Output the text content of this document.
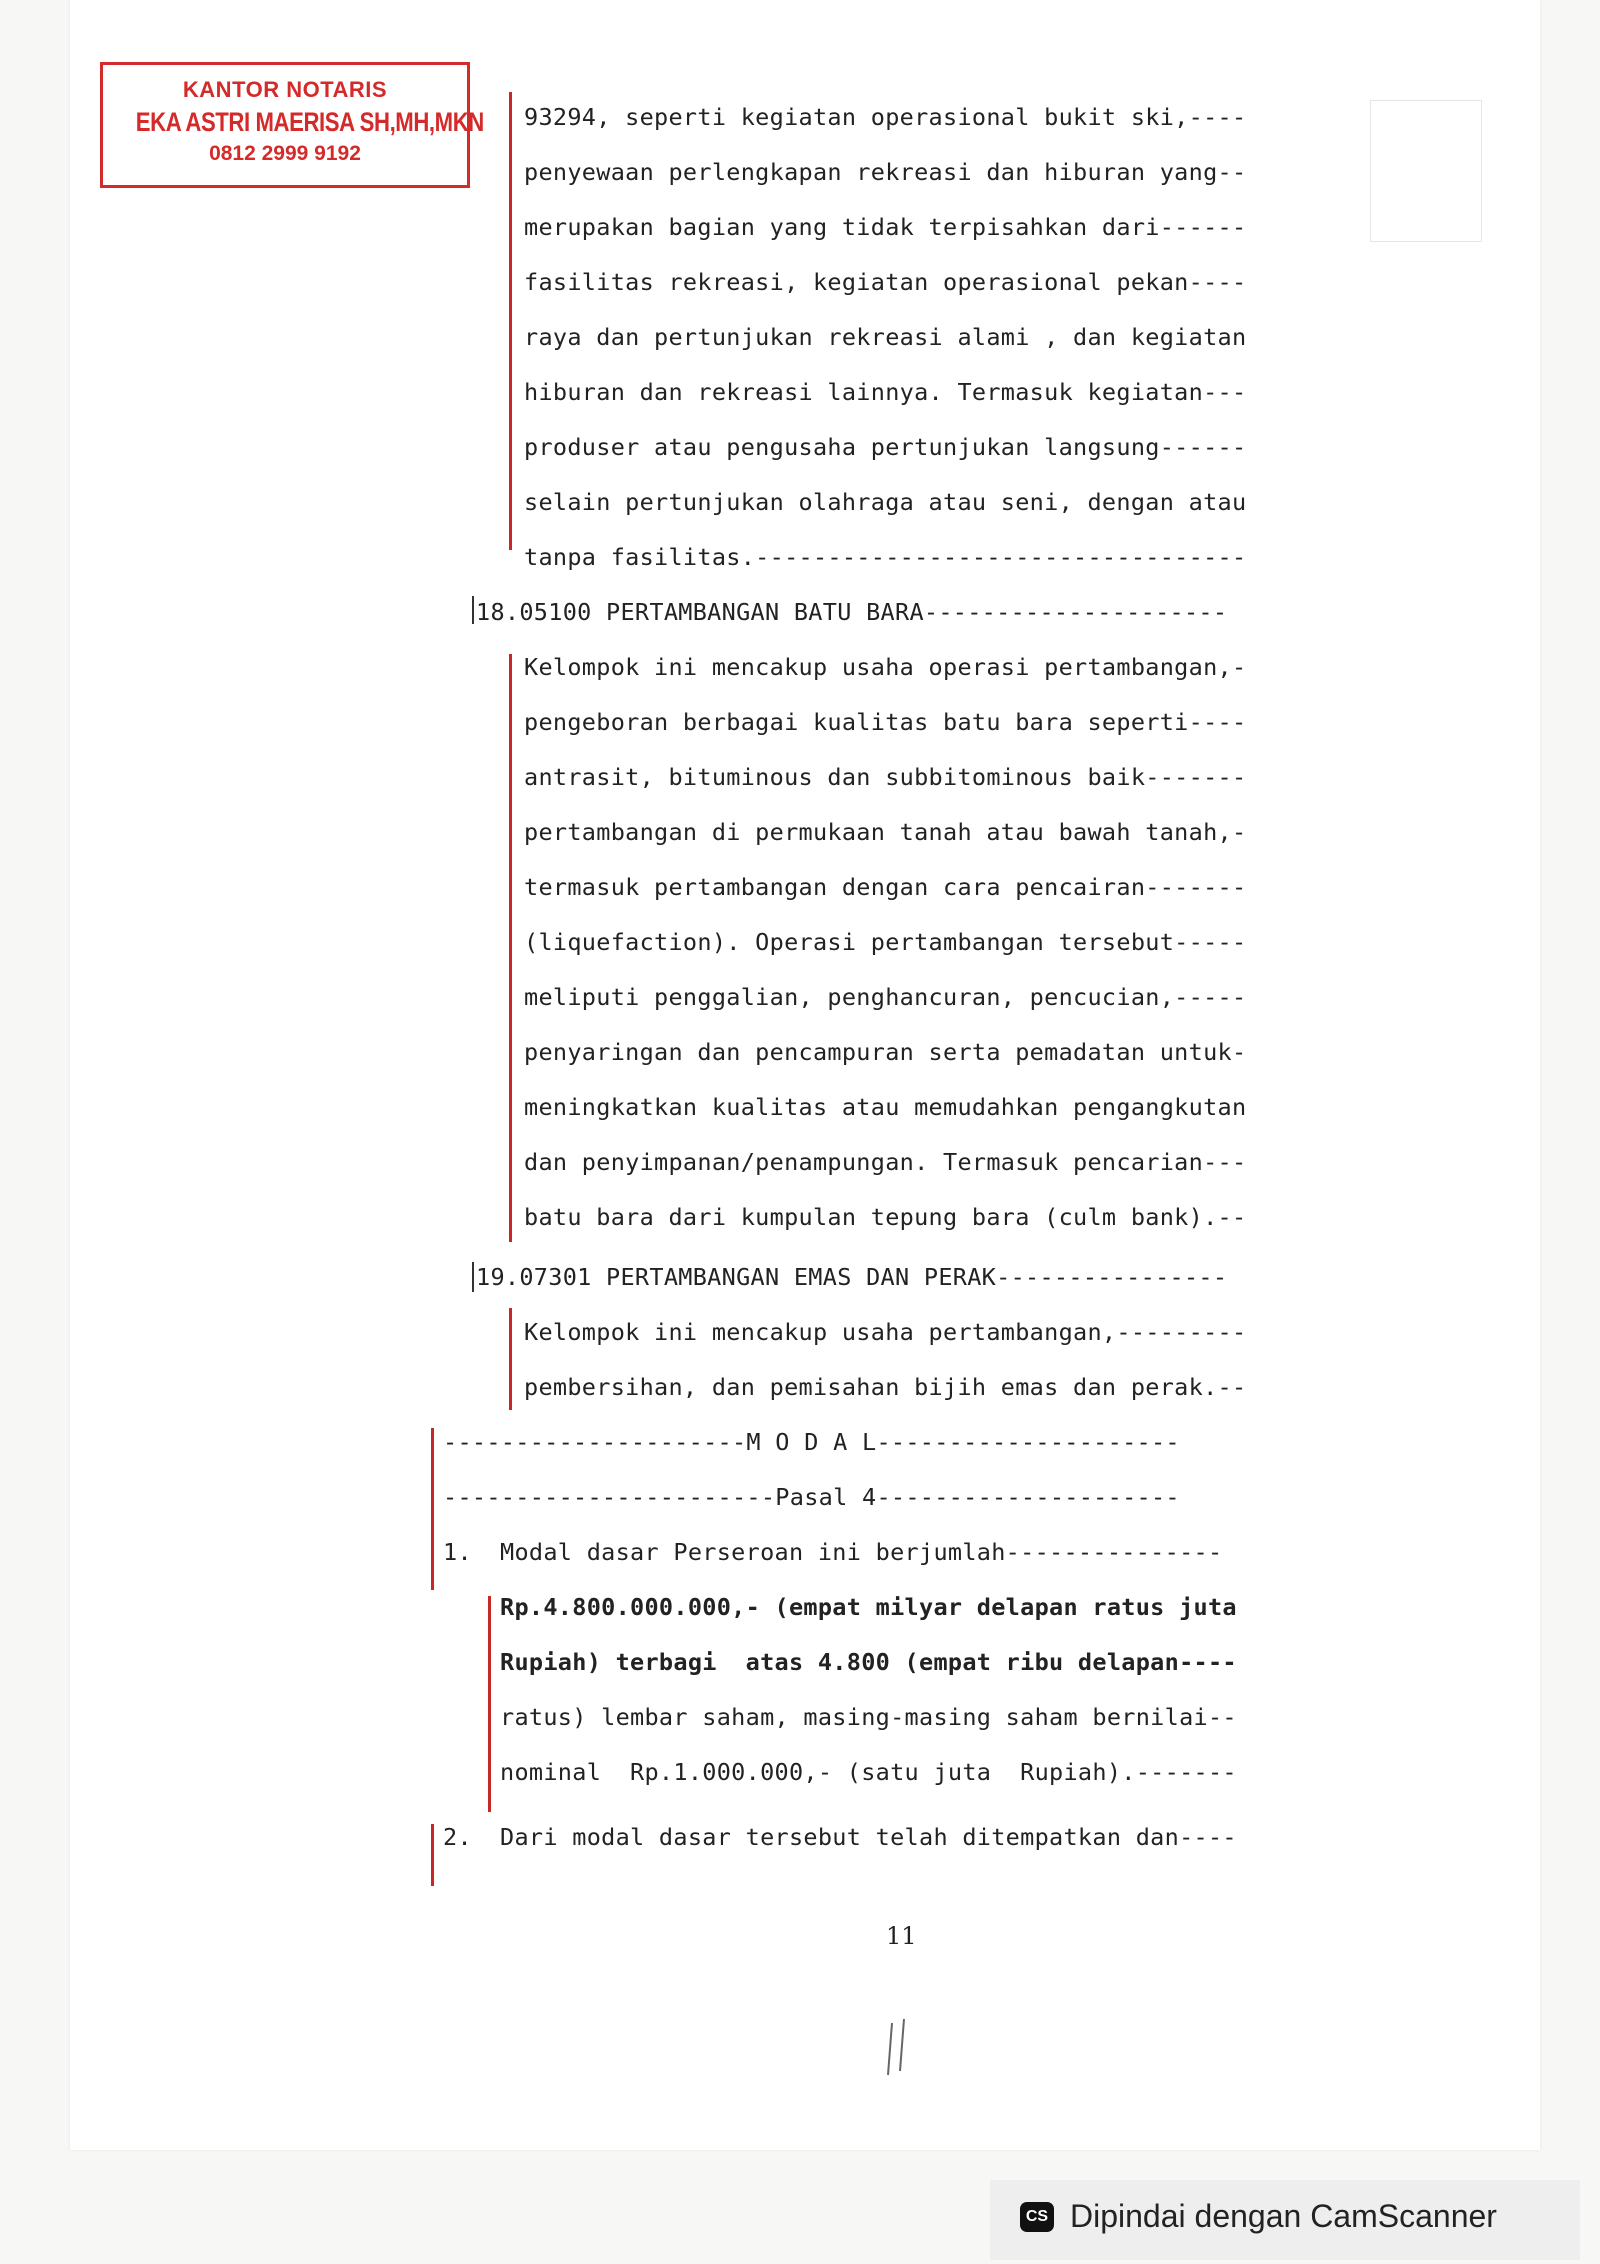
KANTOR NOTARIS
EKA ASTRI MAERISA SH,MH,MKN
0812 2999 9192
93294, seperti kegiatan operasional bukit ski,----
penyewaan perlengkapan rekreasi dan hiburan yang--
merupakan bagian yang tidak terpisahkan dari------
fasilitas rekreasi, kegiatan operasional pekan----
raya dan pertunjukan rekreasi alami , dan kegiatan
hiburan dan rekreasi lainnya. Termasuk kegiatan---
produser atau pengusaha pertunjukan langsung------
selain pertunjukan olahraga atau seni, dengan atau
tanpa fasilitas.----------------------------------
18.05100 PERTAMBANGAN BATU BARA---------------------
Kelompok ini mencakup usaha operasi pertambangan,-
pengeboran berbagai kualitas batu bara seperti----
antrasit, bituminous dan subbitominous baik-------
pertambangan di permukaan tanah atau bawah tanah,-
termasuk pertambangan dengan cara pencairan-------
(liquefaction). Operasi pertambangan tersebut-----
meliputi penggalian, penghancuran, pencucian,-----
penyaringan dan pencampuran serta pemadatan untuk-
meningkatkan kualitas atau memudahkan pengangkutan
dan penyimpanan/penampungan. Termasuk pencarian---
batu bara dari kumpulan tepung bara (culm bank).--
19.07301 PERTAMBANGAN EMAS DAN PERAK----------------
Kelompok ini mencakup usaha pertambangan,---------
pembersihan, dan pemisahan bijih emas dan perak.--
---------------------M O D A L---------------------
-----------------------Pasal 4---------------------
1. Modal dasar Perseroan ini berjumlah---------------
Rp.4.800.000.000,- (empat milyar delapan ratus juta
Rupiah) terbagi  atas 4.800 (empat ribu delapan----
ratus) lembar saham, masing-masing saham bernilai--
nominal  Rp.1.000.000,- (satu juta  Rupiah).-------
2. Dari modal dasar tersebut telah ditempatkan dan----
11
CS Dipindai dengan CamScanner
